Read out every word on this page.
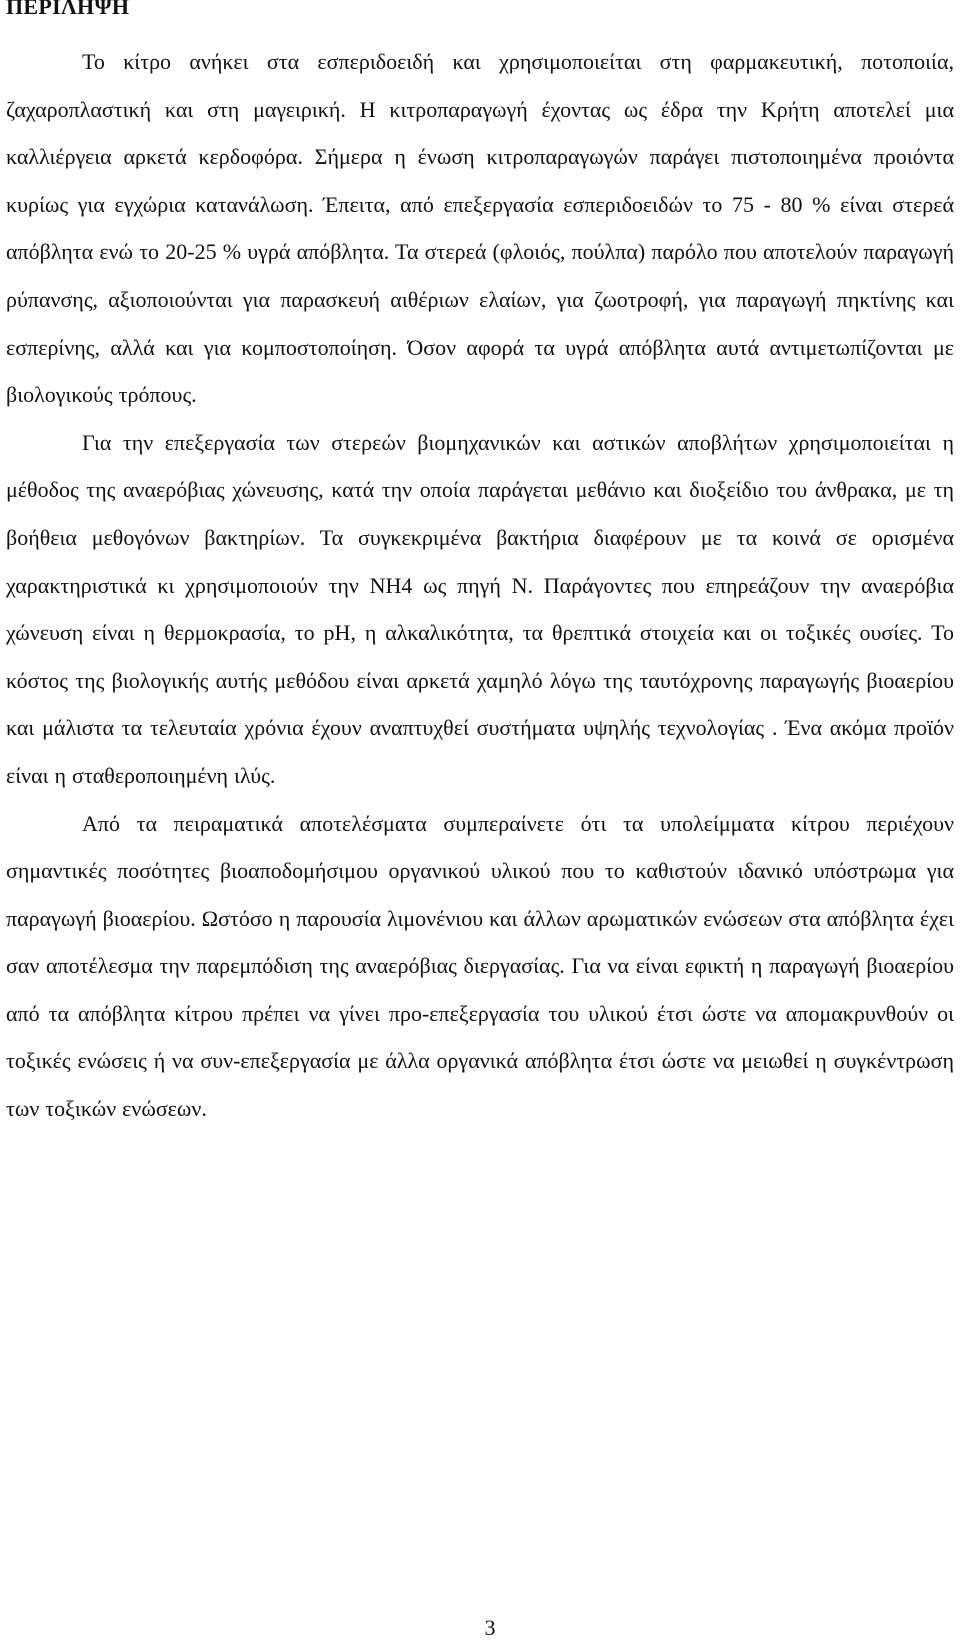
ΠΕΡΙΛΗΨΗ

Το κίτρο ανήκει στα εσπεριδοειδή και χρησιμοποιείται στη φαρμακευτική, ποτοποιία, ζαχαροπλαστική και στη μαγειρική. Η κιτροπαραγωγή έχοντας ως έδρα την Κρήτη αποτελεί μια καλλιέργεια αρκετά κερδοφόρα. Σήμερα η ένωση κιτροπαραγωγών παράγει πιστοποιημένα προιόντα κυρίως για εγχώρια κατανάλωση. Έπειτα, από επεξεργασία εσπεριδοειδών το 75 - 80 % είναι στερεά απόβλητα ενώ το 20-25 % υγρά απόβλητα. Τα στερεά (φλοιός, πούλπα) παρόλο που αποτελούν παραγωγή ρύπανσης, αξιοποιούνται για παρασκευή αιθέριων ελαίων, για ζωοτροφή, για παραγωγή πηκτίνης και εσπερίνης, αλλά και για κομποστοποίηση. Όσον αφορά τα υγρά απόβλητα αυτά αντιμετωπίζονται με βιολογικούς τρόπους.

Για την επεξεργασία των στερεών βιομηχανικών και αστικών αποβλήτων χρησιμοποιείται η μέθοδος της αναερόβιας χώνευσης, κατά την οποία παράγεται μεθάνιο και διοξείδιο του άνθρακα, με τη βοήθεια μεθογόνων βακτηρίων. Τα συγκεκριμένα βακτήρια διαφέρουν με τα κοινά σε ορισμένα χαρακτηριστικά κι χρησιμοποιούν την NH4 ως πηγή N. Παράγοντες που επηρεάζουν την αναερόβια χώνευση είναι η θερμοκρασία, το pH, η αλκαλικότητα, τα θρεπτικά στοιχεία και οι τοξικές ουσίες. Το κόστος της βιολογικής αυτής μεθόδου είναι αρκετά χαμηλό λόγω της ταυτόχρονης παραγωγής βιοαερίου και μάλιστα τα τελευταία χρόνια έχουν αναπτυχθεί συστήματα υψηλής τεχνολογίας . Ένα ακόμα προϊόν είναι η σταθεροποιημένη ιλύς.

Από τα πειραματικά αποτελέσματα συμπεραίνετε ότι τα υπολείμματα κίτρου περιέχουν σημαντικές ποσότητες βιοαποδομήσιμου οργανικού υλικού που το καθιστούν ιδανικό υπόστρωμα για παραγωγή βιοαερίου. Ωστόσο η παρουσία λιμονένιου και άλλων αρωματικών ενώσεων στα απόβλητα έχει σαν αποτέλεσμα την παρεμπόδιση της αναερόβιας διεργασίας. Για να είναι εφικτή η παραγωγή βιοαερίου από τα απόβλητα κίτρου πρέπει να γίνει προ-επεξεργασία του υλικού έτσι ώστε να απομακρυνθούν οι τοξικές ενώσεις ή να συν-επεξεργασία με άλλα οργανικά απόβλητα έτσι ώστε να μειωθεί η συγκέντρωση των τοξικών ενώσεων.

3
